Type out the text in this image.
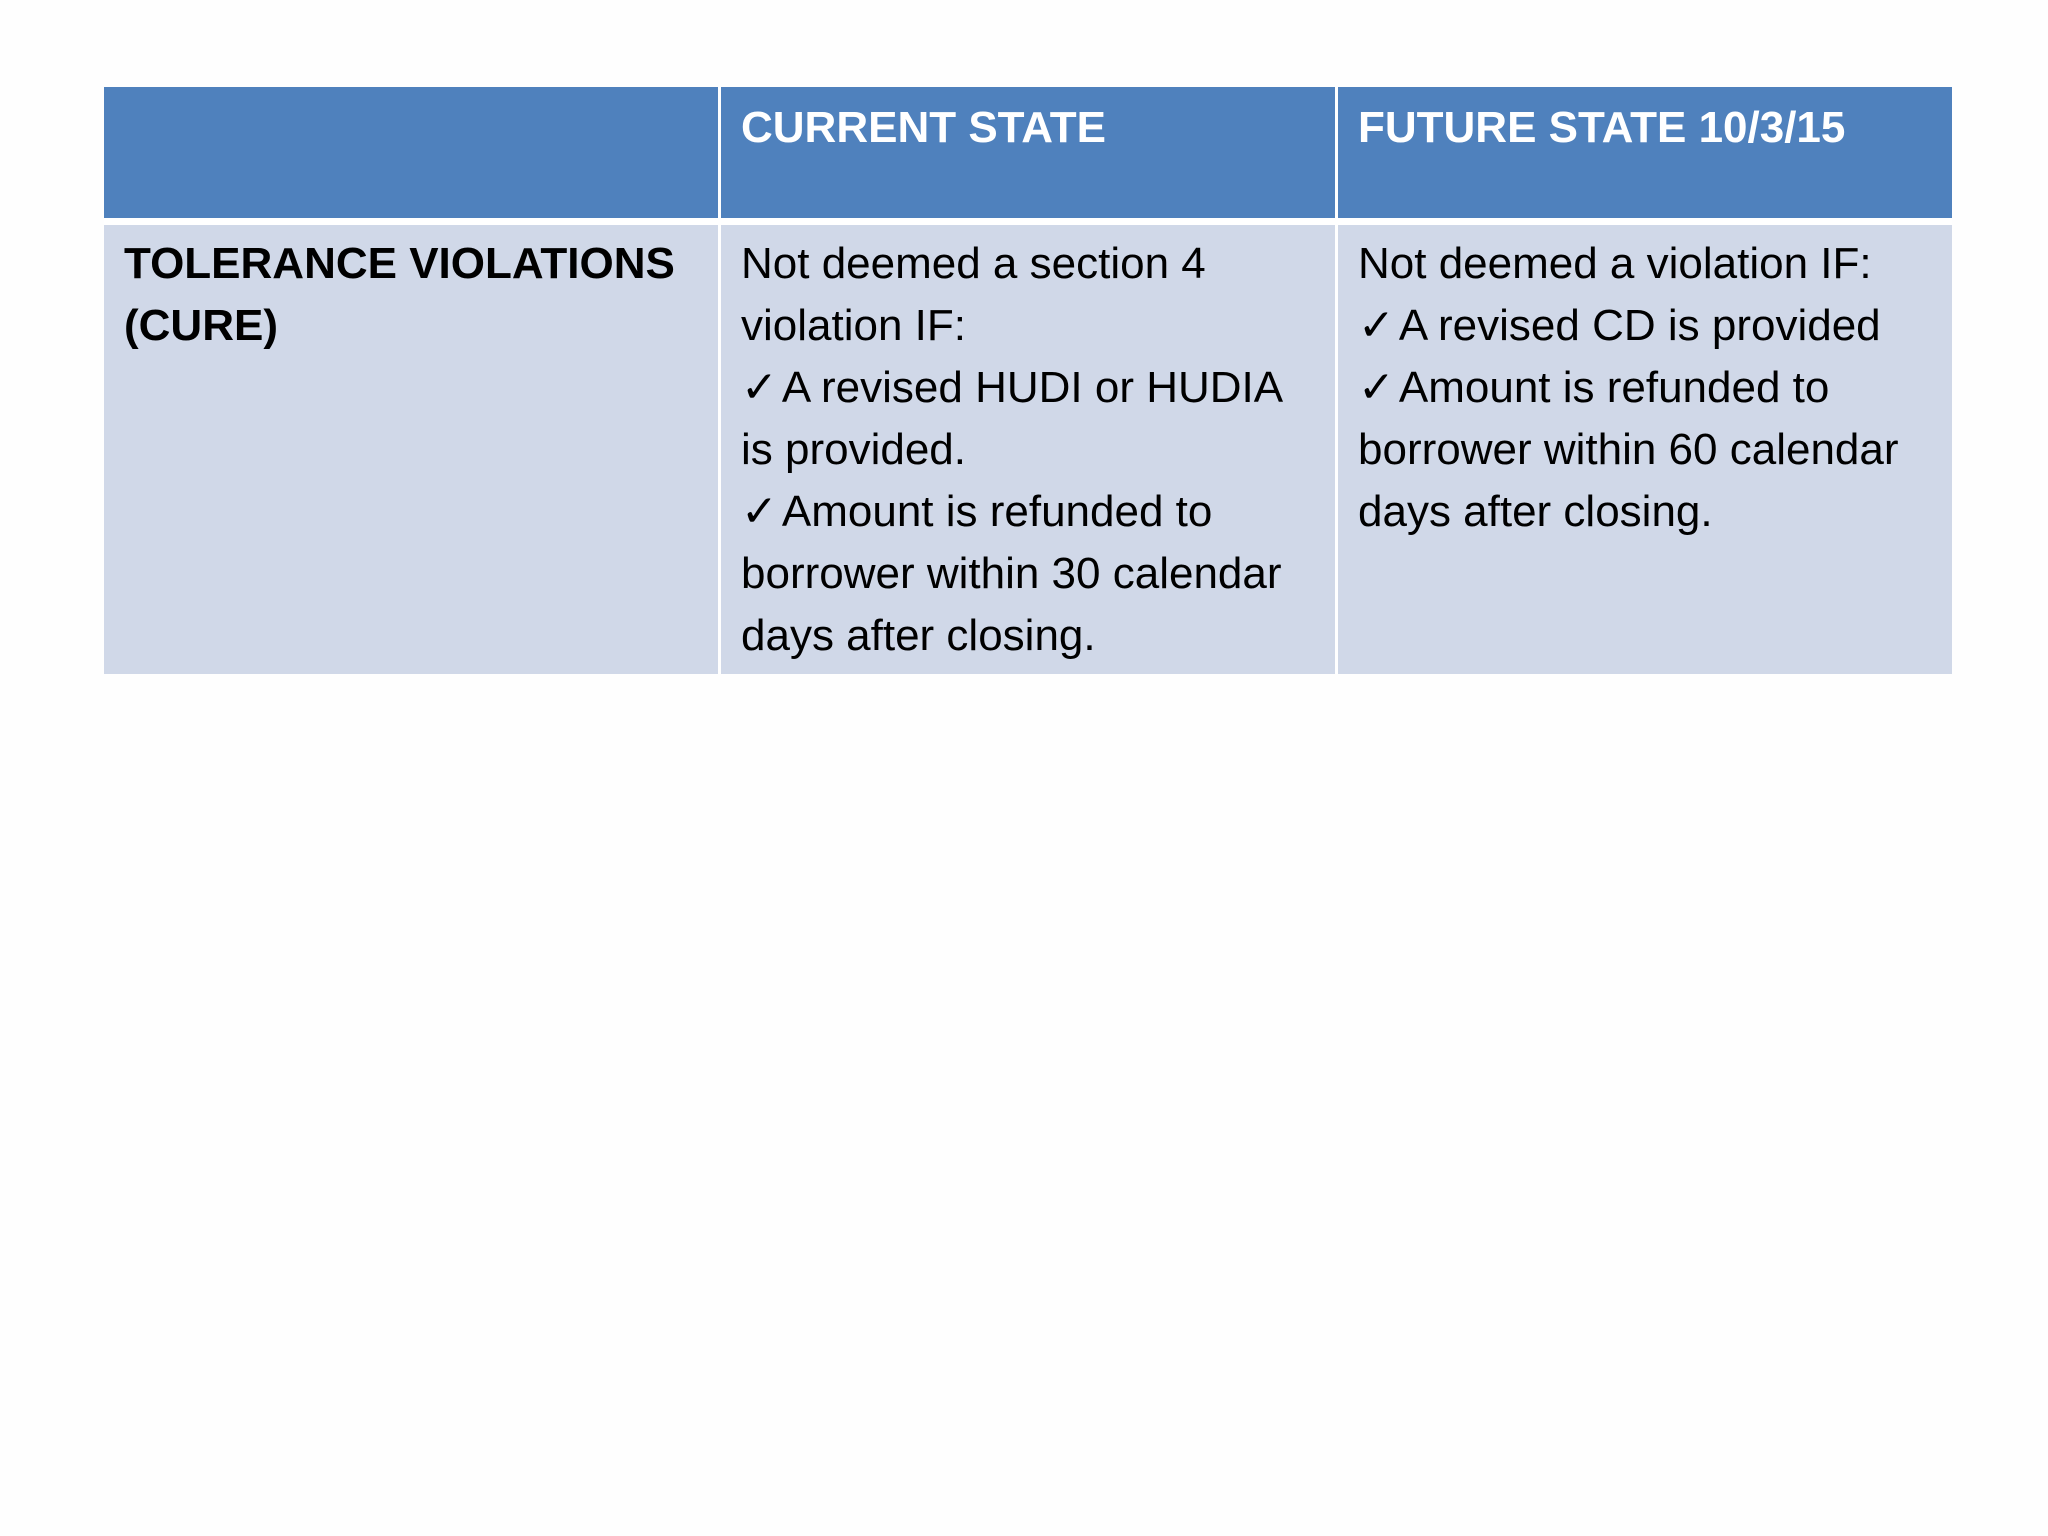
CURRENT STATE	FUTURE STATE 10/3/15
TOLERANCE VIOLATIONS (CURE)
Not deemed a section 4 violation IF:
✓A revised HUDI or HUDIA is provided.
✓Amount is refunded to borrower within 30 calendar days after closing.
Not deemed a violation IF:
✓A revised CD is provided
✓Amount is refunded to borrower within 60 calendar days after closing.
